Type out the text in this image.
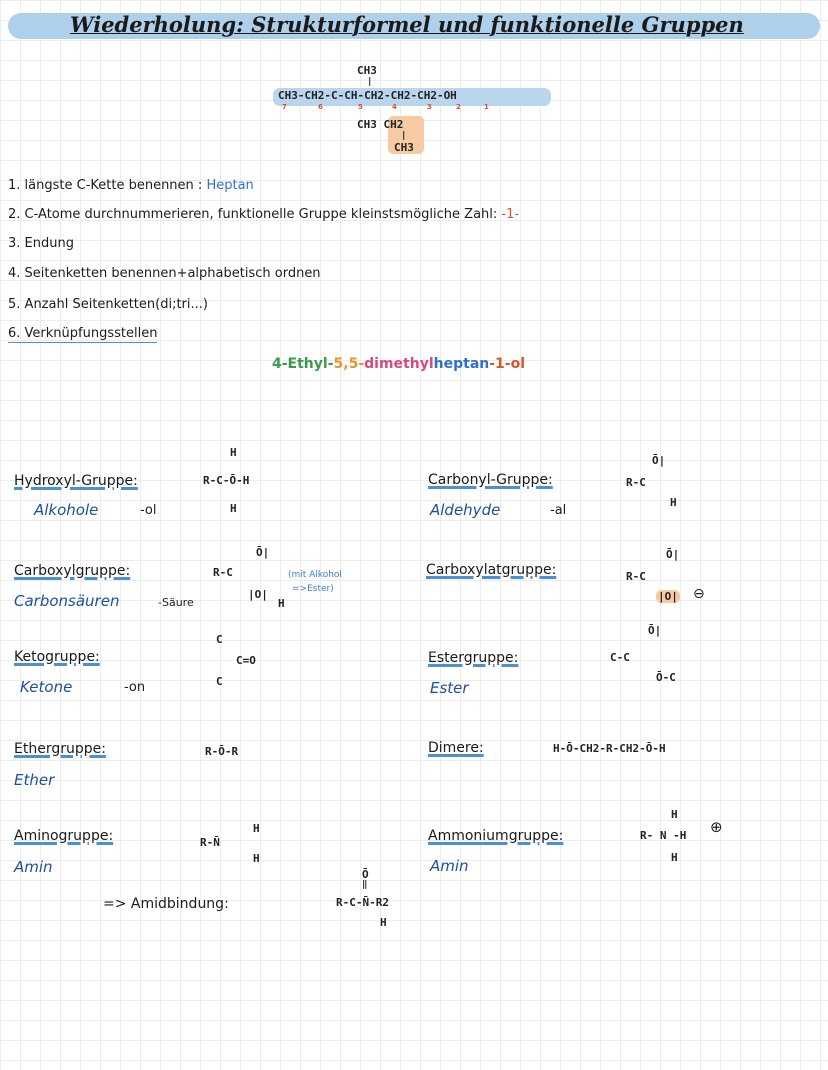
Wiederholung: Strukturformel und funktionelle Gruppen
CH3
|
CH3-CH2-C-CH-CH2-CH2-CH2-OH
7	6	5	4	3	2	1
CH3 CH2
|
CH3
1. längste C-Kette benennen : Heptan
2. C-Atome durchnummerieren, funktionelle Gruppe kleinstsmögliche Zahl: -1-
3. Endung
4. Seitenketten benennen+alphabetisch ordnen
5. Anzahl Seitenketten(di;tri...)
6. Verknüpfungsstellen
4-Ethyl-5,5-dimethylheptan-1-ol
Hydroxyl-Gruppe:
Alkohole	-ol
H
R-C-Ō-H
H
Carbonyl-Gruppe:
Aldehyde	-al
Ō|
R-C
H
Carboxylgruppe:
Carbonsäuren	-Säure
Ō|
R-C
|O|
H
(mit Alkohol
=>Ester)
Carboxylatgruppe:
Ō|
R-C
|O| ⊖
Ketogruppe:
Ketone	-on
C
C=O
C
Estergruppe:
Ester
Ō|
C-C
Ō-C
Ethergruppe:
Ether
R-Ō-R	Dimere:	H-Ō-CH2-R-CH2-Ō-H
Aminogruppe:
Amin
H
R-N̄
H
Ammoniumgruppe:
Amin
H
R- N -H
H
⊕
=> Amidbindung:
Ō
‖
R-C-N̄-R2
H
